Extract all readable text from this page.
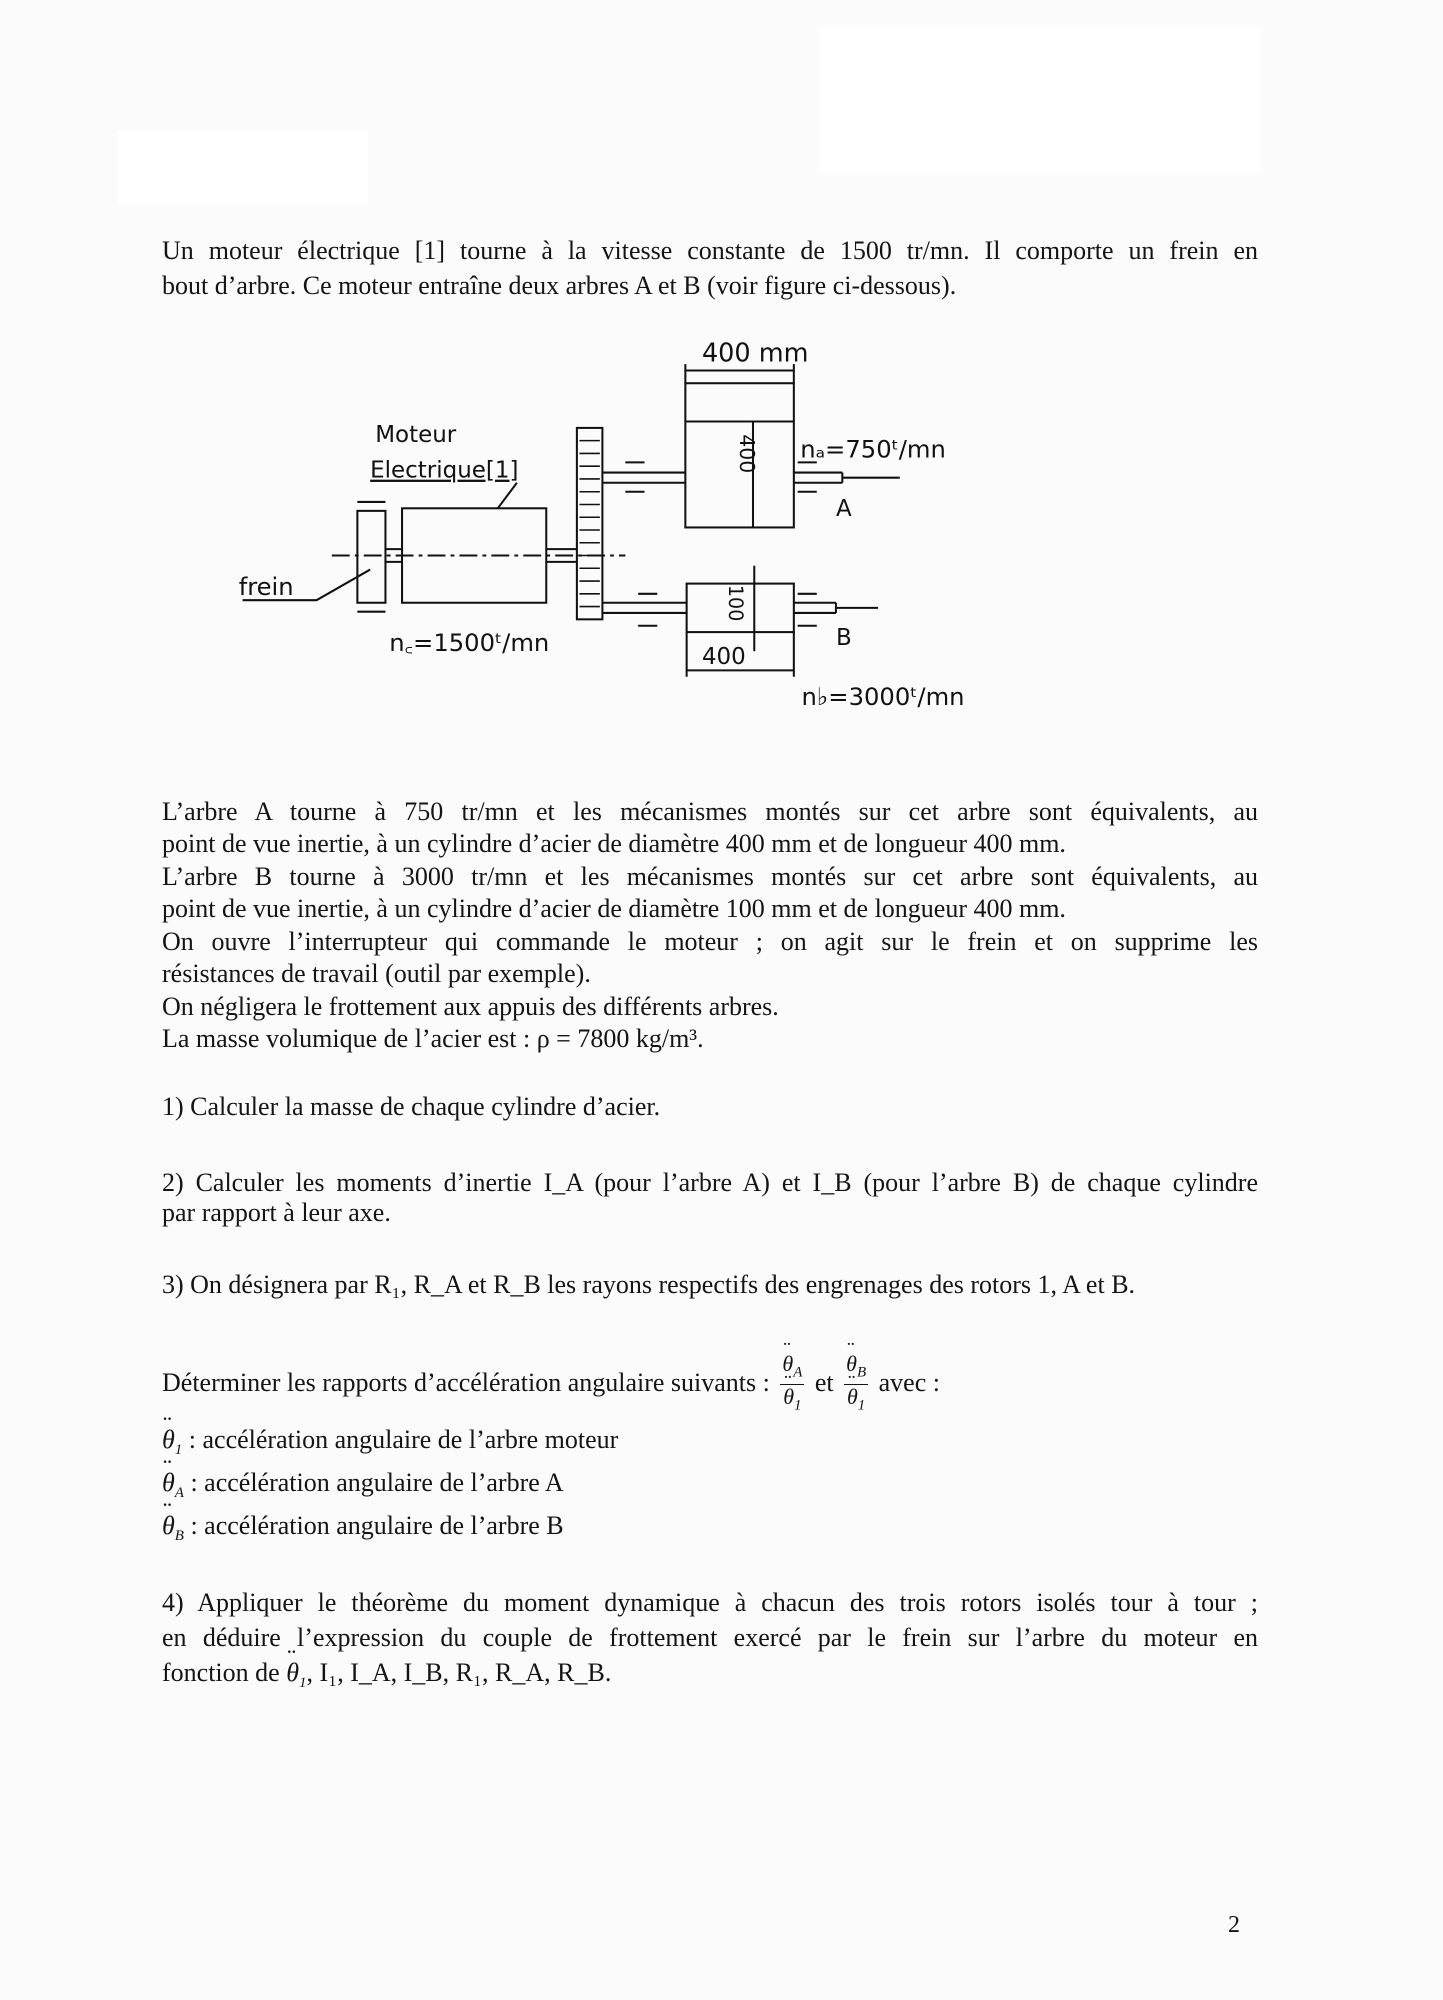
Un moteur électrique [1] tourne à la vitesse constante de 1500 tr/mn. Il comporte un frein en
bout d’arbre. Ce moteur entraîne deux arbres A et B (voir figure ci-dessous).
400 mm
Moteur
Electrique[1]	400 nₐ=750ᵗ/mn
A
frein	100
B
n꜀=1500ᵗ/mn	400
n♭=3000ᵗ/mn
L’arbre A tourne à 750 tr/mn et les mécanismes montés sur cet arbre sont équivalents, au
point de vue inertie, à un cylindre d’acier de diamètre 400 mm et de longueur 400 mm.
L’arbre B tourne à 3000 tr/mn et les mécanismes montés sur cet arbre sont équivalents, au
point de vue inertie, à un cylindre d’acier de diamètre 100 mm et de longueur 400 mm.
On ouvre l’interrupteur qui commande le moteur ; on agit sur le frein et on supprime les
résistances de travail (outil par exemple).
On négligera le frottement aux appuis des différents arbres.
La masse volumique de l’acier est : ρ = 7800 kg/m³.
1) Calculer la masse de chaque cylindre d’acier.
2) Calculer les moments d’inertie I_A (pour l’arbre A) et I_B (pour l’arbre B) de chaque cylindre
par rapport à leur axe.
3) On désignera par R₁, R_A et R_B les rayons respectifs des engrenages des rotors 1, A et B.
Déterminer les rapports d’accélération angulaire suivants : ¨ $\theta_A$
¨ $\theta_1$ et ¨ $\theta_B$
¨ $\theta_1$ avec :
¨ $\theta_1$ : accélération angulaire de l’arbre moteur
¨ $\theta_A$ : accélération angulaire de l’arbre A
¨ $\theta_B$ : accélération angulaire de l’arbre B
4) Appliquer le théorème du moment dynamique à chacun des trois rotors isolés tour à tour ;
en déduire l’expression du couple de frottement exercé par le frein sur l’arbre du moteur en
fonction de ¨ $\theta_1$, I₁, I_A, I_B, R₁, R_A, R_B.
2
